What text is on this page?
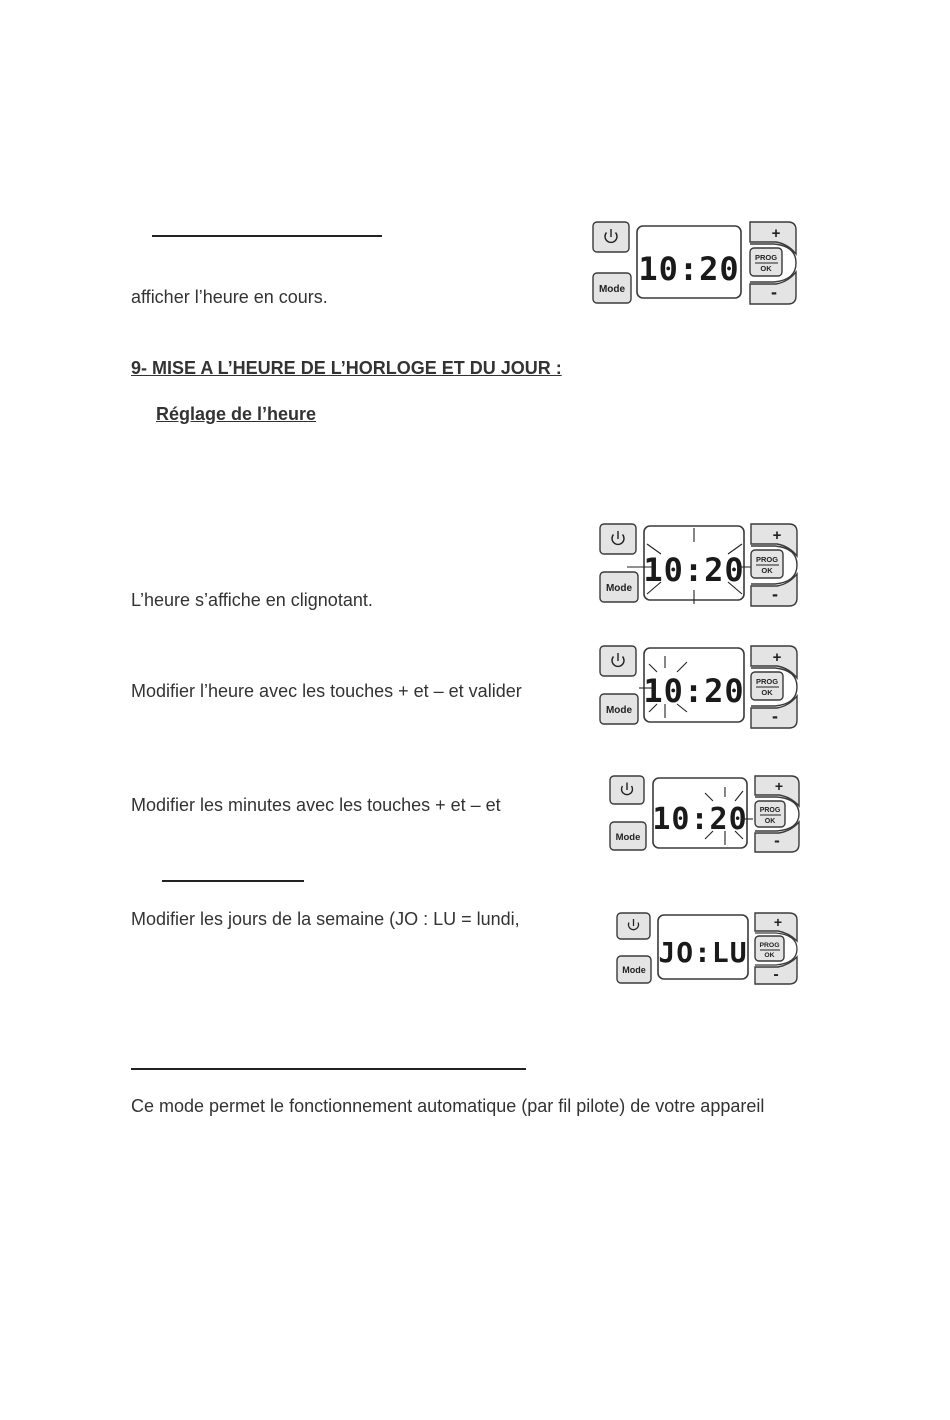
afficher l’heure en cours.
9- MISE A L’HEURE DE L’HORLOGE ET DU JOUR :
Réglage de l’heure
L’heure s’affiche en clignotant.
Modifier l’heure avec les touches + et – et valider
Modifier les minutes avec les touches + et – et
Modifier les jours de la semaine (JO : LU = lundi,
Ce mode permet le fonctionnement automatique (par fil pilote) de votre appareil
Mode
10:20
+
-
PROG
OK
Mode 10:20
+
-
PROG
OK
Mode
10:20
+
-
PROG
OK
Mode
10:20
+
-
PROG
OK
Mode
JO:LU
+
-
PROG
OK
